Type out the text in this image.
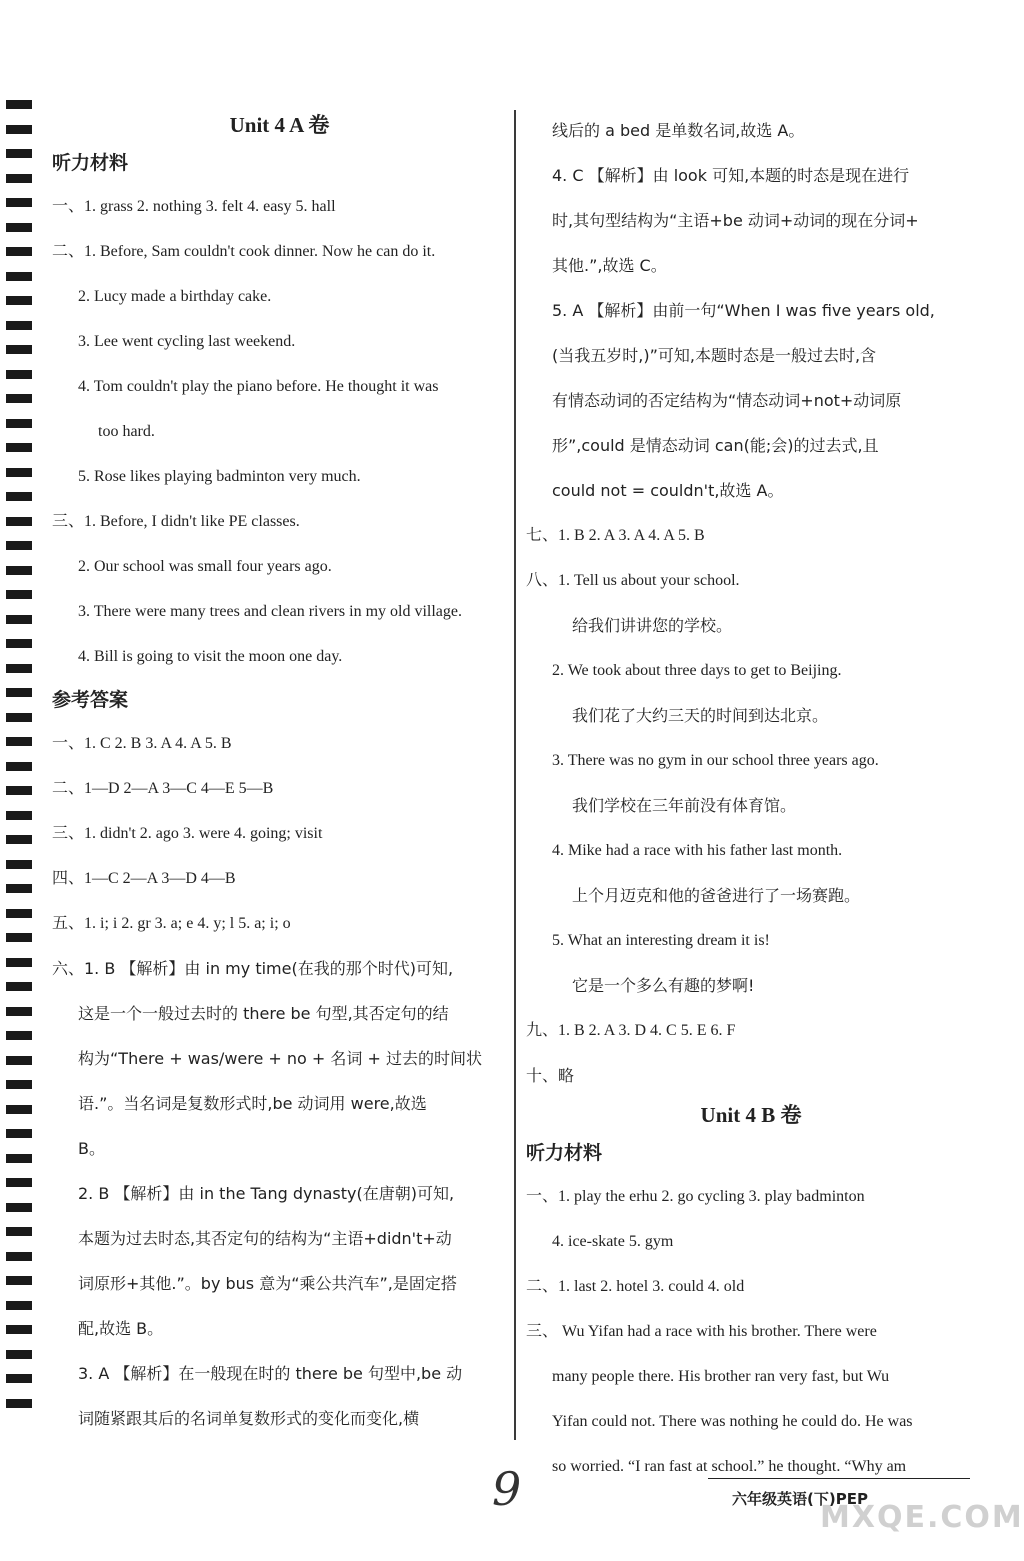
Unit 4 A 卷
听力材料
一、1. grass 2. nothing 3. felt 4. easy 5. hall
二、1. Before, Sam couldn't cook dinner. Now he can do it.
2. Lucy made a birthday cake.
3. Lee went cycling last weekend.
4. Tom couldn't play the piano before. He thought it was
too hard.
5. Rose likes playing badminton very much.
三、1. Before, I didn't like PE classes.
2. Our school was small four years ago.
3. There were many trees and clean rivers in my old village.
4. Bill is going to visit the moon one day.
参考答案
一、1. C 2. B 3. A 4. A 5. B
二、1—D 2—A 3—C 4—E 5—B
三、1. didn't 2. ago 3. were 4. going; visit
四、1—C 2—A 3—D 4—B
五、1. i; i 2. gr 3. a; e 4. y; l 5. a; i; o
六、1. B 【解析】由 in my time(在我的那个时代)可知,
这是一个一般过去时的 there be 句型,其否定句的结
构为“There + was/were + no + 名词 + 过去的时间状
语.”。当名词是复数形式时,be 动词用 were,故选
B。
2. B 【解析】由 in the Tang dynasty(在唐朝)可知,
本题为过去时态,其否定句的结构为“主语+didn't+动
词原形+其他.”。by bus 意为“乘公共汽车”,是固定搭
配,故选 B。
3. A 【解析】在一般现在时的 there be 句型中,be 动
词随紧跟其后的名词单复数形式的变化而变化,横
线后的 a bed 是单数名词,故选 A。
4. C 【解析】由 look 可知,本题的时态是现在进行
时,其句型结构为“主语+be 动词+动词的现在分词+
其他.”,故选 C。
5. A 【解析】由前一句“When I was five years old,
(当我五岁时,)”可知,本题时态是一般过去时,含
有情态动词的否定结构为“情态动词+not+动词原
形”,could 是情态动词 can(能;会)的过去式,且
could not = couldn't,故选 A。
七、1. B 2. A 3. A 4. A 5. B
八、1. Tell us about your school.
给我们讲讲您的学校。
2. We took about three days to get to Beijing.
我们花了大约三天的时间到达北京。
3. There was no gym in our school three years ago.
我们学校在三年前没有体育馆。
4. Mike had a race with his father last month.
上个月迈克和他的爸爸进行了一场赛跑。
5. What an interesting dream it is!
它是一个多么有趣的梦啊!
九、1. B 2. A 3. D 4. C 5. E 6. F
十、略
Unit 4 B 卷
听力材料
一、1. play the erhu 2. go cycling 3. play badminton
4. ice-skate 5. gym
二、1. last 2. hotel 3. could 4. old
三、 Wu Yifan had a race with his brother. There were
many people there. His brother ran very fast, but Wu
Yifan could not. There was nothing he could do. He was
so worried. “I ran fast at school.” he thought. “Why am
9	六年级英语(下)PEP
MXQE.COM
